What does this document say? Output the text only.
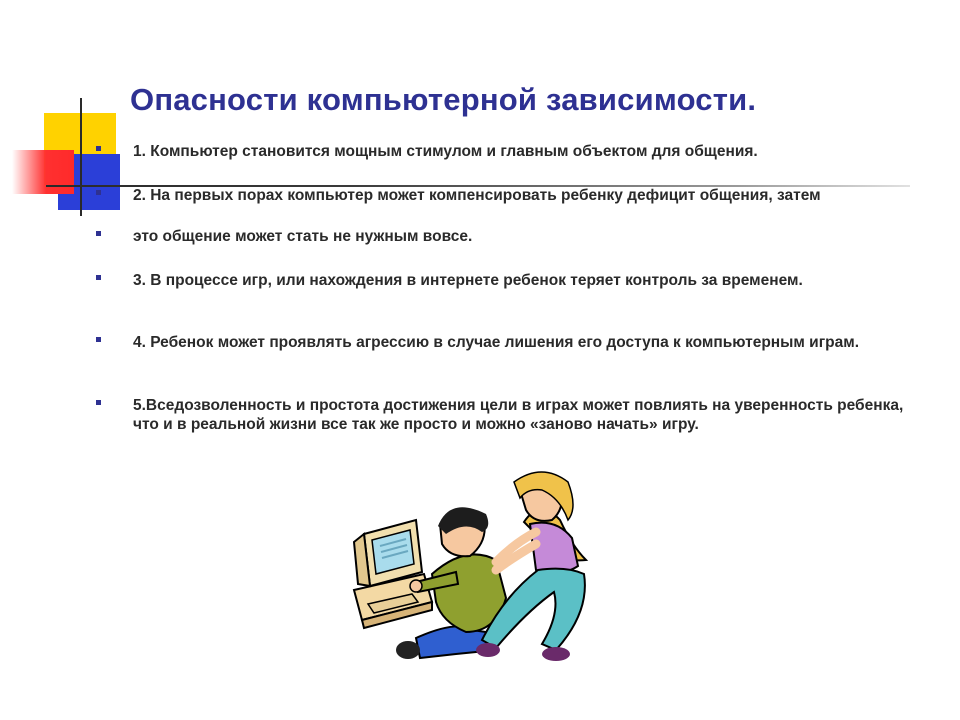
Опасности компьютерной зависимости.
1. Компьютер становится мощным стимулом и главным объектом для общения.
2. На первых порах компьютер может компенсировать ребенку дефицит общения, затем
это общение может стать не нужным вовсе.
3. В процессе игр, или нахождения в интернете ребенок теряет контроль за временем.
4. Ребенок может проявлять агрессию в случае лишения его доступа к компьютерным играм.
5.Вседозволенность и простота достижения цели в играх может повлиять на уверенность ребенка, что и в реальной жизни все так же просто и можно «заново начать» игру.
